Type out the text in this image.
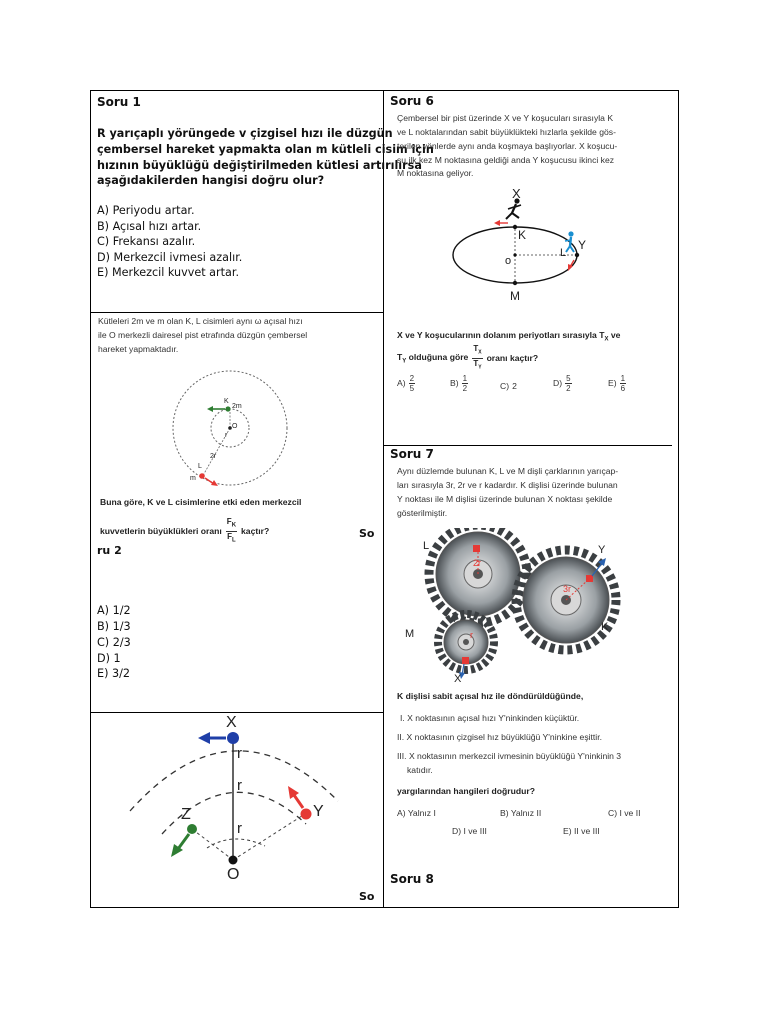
Soru 1
R yarıçaplı yörüngede v çizgisel hızı ile düzgün
çembersel hareket yapmakta olan m kütleli cisim için
hızının büyüklüğü değiştirilmeden kütlesi artırılırsa
aşağıdakilerden hangisi doğru olur?
A) Periyodu artar.
B) Açısal hızı artar.
C) Frekansı azalır.
D) Merkezcil ivmesi azalır.
E) Merkezcil kuvvet artar.
Kütleleri 2m ve m olan K, L cisimleri aynı ω açısal hızı
ile O merkezli dairesel pist etrafında düzgün çembersel
hareket yapmaktadır.
K
2m
O
r
2r
L
m
Buna göre, K ve L cisimlerine etki eden merkezcil
kuvvetlerin büyüklükleri oranı $\frac{F_K}{F_L}$ kaçtır?	So
ru 2
A) 1/2
B) 1/3
C) 2/3
D) 1
E) 3/2
X
r
r
r
Z	Y
O
So
Soru 6
Çembersel bir pist üzerinde X ve Y koşucuları sırasıyla K
ve L noktalarından sabit büyüklükteki hızlarla şekilde gös-
terilen yönlerde aynı anda koşmaya başlıyorlar. X koşucu-
su ilk kez M noktasına geldiği anda Y koşucusu ikinci kez
M noktasına geliyor.
X
K
Y
o
L
M
X ve Y koşucularının dolanım periyotları sırasıyla $T_X$ ve
$T_Y$ olduğuna göre $\frac{T_X}{T_Y}$ oranı kaçtır?
$A) \frac{2}{5}$	$B) \frac{1}{2}$	C) 2	$D) \frac{5}{2}$	$E) \frac{1}{6}$
Soru 7
Aynı düzlemde bulunan K, L ve M dişli çarklarının yarıçap-
ları sırasıyla 3r, 2r ve r kadardır. K dişlisi üzerinde bulunan
Y noktası ile M dişlisi üzerinde bulunan X noktası şekilde
gösterilmiştir.
L	Y
K
M
X
2r
3r
r
K dişlisi sabit açısal hız ile döndürüldüğünde,
I. X noktasının açısal hızı Y'ninkinden küçüktür.
II. X noktasının çizgisel hız büyüklüğü Y'ninkine eşittir.
III. X noktasının merkezcil ivmesinin büyüklüğü Y'ninkinin 3
katıdır.
yargılarından hangileri doğrudur?
A) Yalnız I	B) Yalnız II	C) I ve II
D) I ve III	E) II ve III
Soru 8
